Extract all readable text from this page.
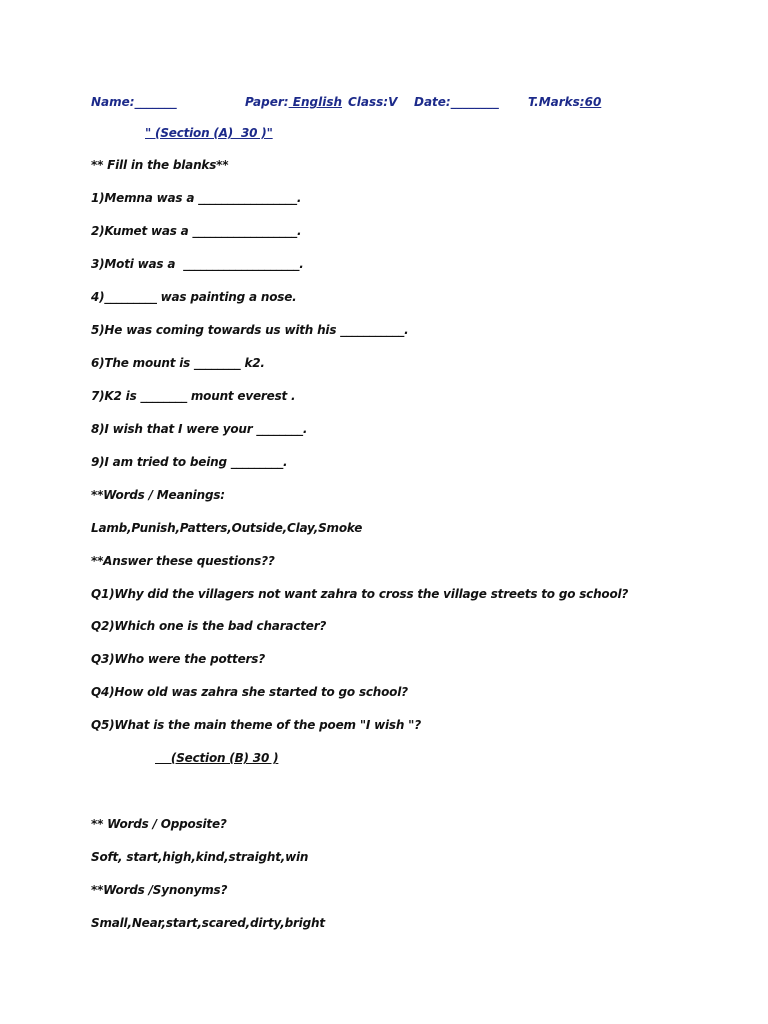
Name:_______	Paper: English Class:V Date:________ T.Marks:60
" (Section (A)  30 )"
** Fill in the blanks**
1)Memna was a _________________.
2)Kumet was a __________________.
3)Moti was a  ____________________.
4)_________ was painting a nose.
5)He was coming towards us with his ___________.
6)The mount is ________ k2.
7)K2 is ________ mount everest .
8)I wish that I were your ________.
9)I am tried to being _________.
**Words / Meanings:
Lamb,Punish,Patters,Outside,Clay,Smoke
**Answer these questions??
Q1)Why did the villagers not want zahra to cross the village streets to go school?
Q2)Which one is the bad character?
Q3)Who were the potters?
Q4)How old was zahra she started to go school?
Q5)What is the main theme of the poem "I wish "?
(Section (B) 30 )
** Words / Opposite?
Soft, start,high,kind,straight,win
**Words /Synonyms?
Small,Near,start,scared,dirty,bright
